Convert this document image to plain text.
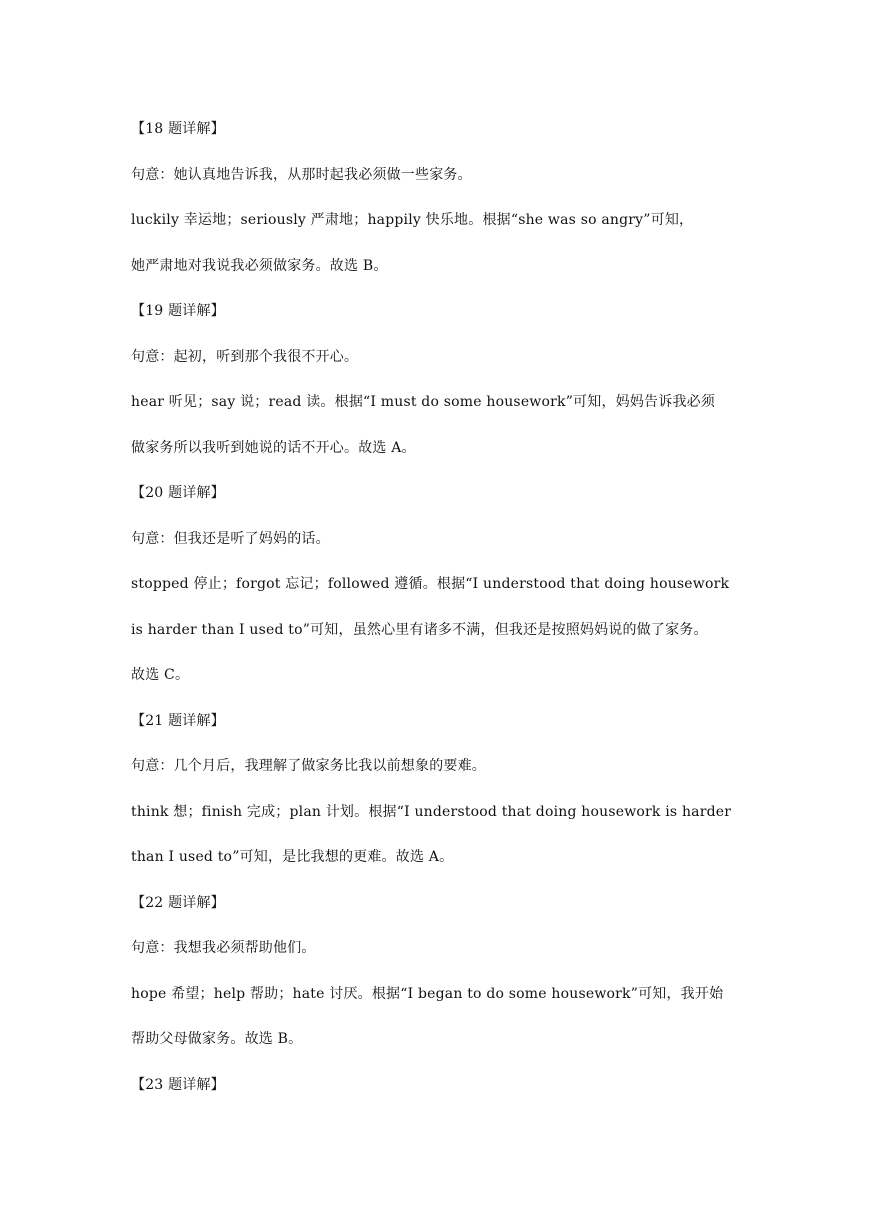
【18 题详解】
句意：她认真地告诉我，从那时起我必须做一些家务。
luckily 幸运地；seriously 严肃地；happily 快乐地。根据“she was so angry”可知，
她严肃地对我说我必须做家务。故选 B。
【19 题详解】
句意：起初，听到那个我很不开心。
hear 听见；say 说；read 读。根据“I must do some housework”可知，妈妈告诉我必须
做家务所以我听到她说的话不开心。故选 A。
【20 题详解】
句意：但我还是听了妈妈的话。
stopped 停止；forgot 忘记；followed 遵循。根据“I understood that doing housework
is harder than I used to”可知，虽然心里有诸多不满，但我还是按照妈妈说的做了家务。
故选 C。
【21 题详解】
句意：几个月后，我理解了做家务比我以前想象的要难。
think 想；finish 完成；plan 计划。根据“I understood that doing housework is harder
than I used to”可知，是比我想的更难。故选 A。
【22 题详解】
句意：我想我必须帮助他们。
hope 希望；help 帮助；hate 讨厌。根据“I began to do some housework”可知，我开始
帮助父母做家务。故选 B。
【23 题详解】
